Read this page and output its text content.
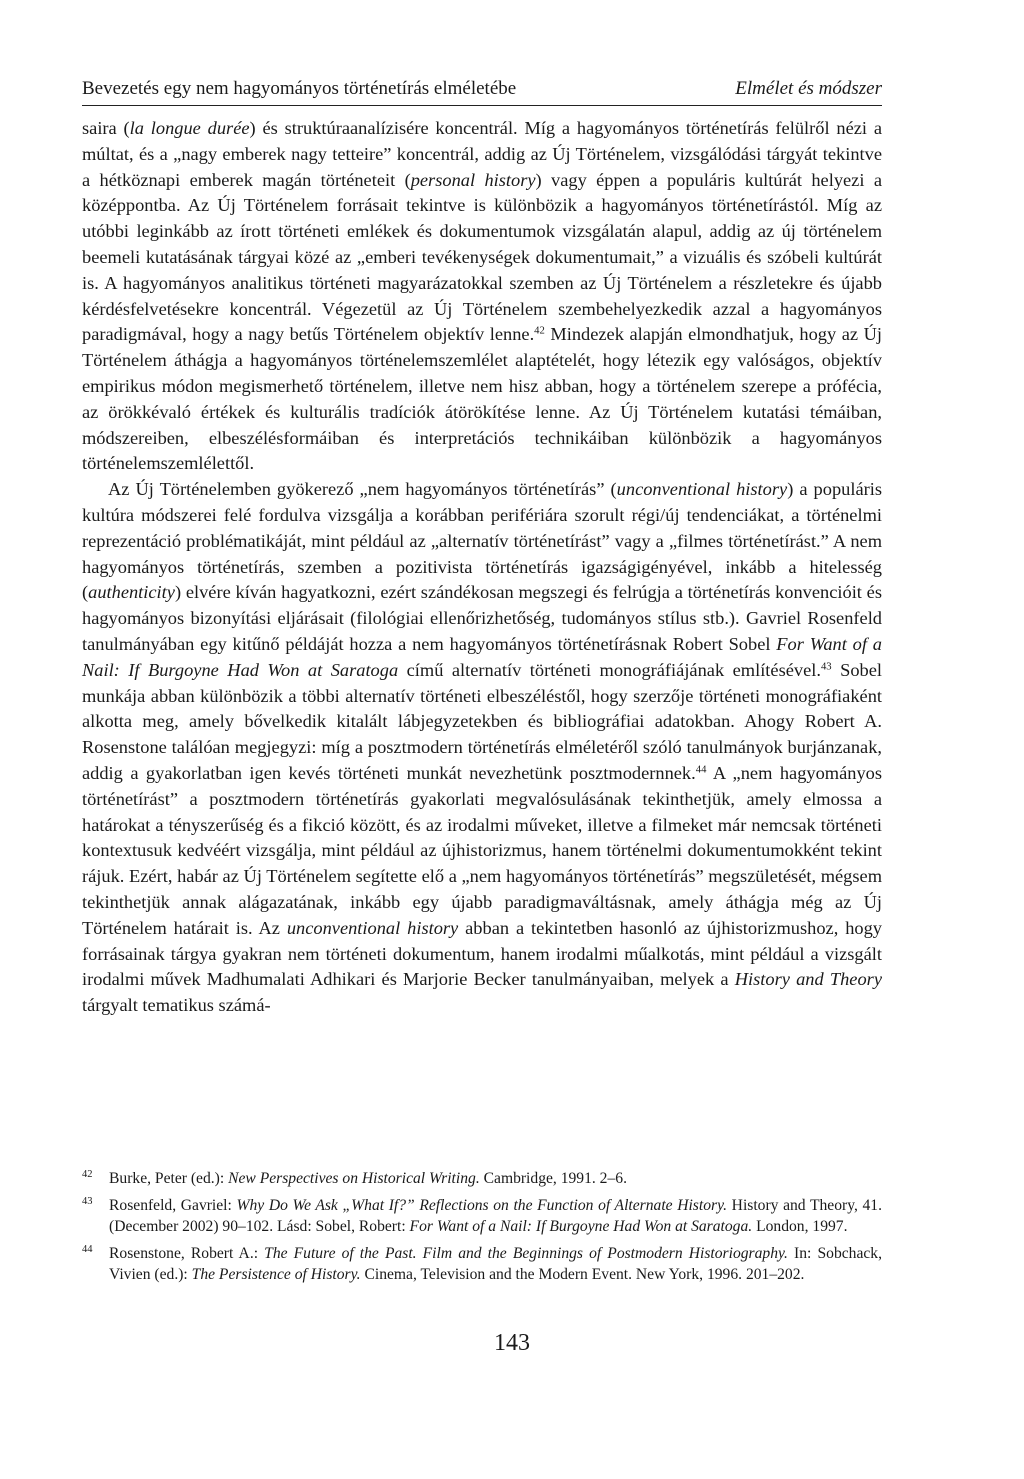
Bevezetés egy nem hagyományos történetírás elméletébe	Elmélet és módszer

saira (la longue durée) és struktúraanalízisére koncentrál. Míg a hagyományos történetírás felülről nézi a múltat, és a „nagy emberek nagy tetteire” koncentrál, addig az Új Történelem, vizsgálódási tárgyát tekintve a hétköznapi emberek magán történeteit (personal history) vagy éppen a populáris kultúrát helyezi a középpontba. Az Új Történelem forrásait tekintve is különbözik a hagyományos történetírástól. Míg az utóbbi leginkább az írott történeti emlékek és dokumentumok vizsgálatán alapul, addig az új történelem beemeli kutatásának tárgyai közé az „emberi tevékenységek dokumentumait,” a vizuális és szóbeli kultúrát is. A hagyományos analitikus történeti magyarázatokkal szemben az Új Történelem a részletekre és újabb kérdésfelvetésekre koncentrál. Végezetül az Új Történelem szembehelyezkedik azzal a hagyományos paradigmával, hogy a nagy betűs Történelem objektív lenne.$^{42}$ Mindezek alapján elmondhatjuk, hogy az Új Történelem áthágja a hagyományos történelemszemlélet alaptételét, hogy létezik egy valóságos, objektív empirikus módon megismerhető történelem, illetve nem hisz abban, hogy a történelem szerepe a prófécia, az örökkévaló értékek és kulturális tradíciók átörökítése lenne. Az Új Történelem kutatási témáiban, módszereiben, elbeszélésformáiban és interpretációs technikáiban különbözik a hagyományos történelemszemlélettől.

Az Új Történelemben gyökerező „nem hagyományos történetírás” (unconventional history) a populáris kultúra módszerei felé fordulva vizsgálja a korábban perifériára szorult régi/új tendenciákat, a történelmi reprezentáció problématikáját, mint például az „alternatív történetírást” vagy a „filmes történetírást.” A nem hagyományos történetírás, szemben a pozitivista történetírás igazságigényével, inkább a hitelesség (authenticity) elvére kíván hagyatkozni, ezért szándékosan megszegi és felrúgja a történetírás konvencióit és hagyományos bizonyítási eljárásait (filológiai ellenőrizhetőség, tudományos stílus stb.). Gavriel Rosenfeld tanulmányában egy kitűnő példáját hozza a nem hagyományos történetírásnak Robert Sobel For Want of a Nail: If Burgoyne Had Won at Saratoga című alternatív történeti monográfiájának említésével.$^{43}$ Sobel munkája abban különbözik a többi alternatív történeti elbeszéléstől, hogy szerzője történeti monográfiaként alkotta meg, amely bővelkedik kitalált lábjegyzetekben és bibliográfiai adatokban. Ahogy Robert A. Rosenstone találóan megjegyzi: míg a posztmodern történetírás elméletéről szóló tanulmányok burjánzanak, addig a gyakorlatban igen kevés történeti munkát nevezhetünk posztmodernnek.$^{44}$ A „nem hagyományos történetírást” a posztmodern történetírás gyakorlati megvalósulásának tekinthetjük, amely elmossa a határokat a tényszerűség és a fikció között, és az irodalmi műveket, illetve a filmeket már nemcsak történeti kontextusuk kedvéért vizsgálja, mint például az újhistorizmus, hanem történelmi dokumentumokként tekint rájuk. Ezért, habár az Új Történelem segítette elő a „nem hagyományos történetírás” megszületését, mégsem tekinthetjük annak alágazatának, inkább egy újabb paradigmaváltásnak, amely áthágja még az Új Történelem határait is. Az unconventional history abban a tekintetben hasonló az újhistorizmushoz, hogy forrásainak tárgya gyakran nem történeti dokumentum, hanem irodalmi műalkotás, mint például a vizsgált irodalmi művek Madhumalati Adhikari és Marjorie Becker tanulmányaiban, melyek a History and Theory tárgyalt tematikus számá-

42 Burke, Peter (ed.): New Perspectives on Historical Writing. Cambridge, 1991. 2–6.
43 Rosenfeld, Gavriel: Why Do We Ask „What If?” Reflections on the Function of Alternate History. History and Theory, 41. (December 2002) 90–102. Lásd: Sobel, Robert: For Want of a Nail: If Burgoyne Had Won at Saratoga. London, 1997.
44 Rosenstone, Robert A.: The Future of the Past. Film and the Beginnings of Postmodern Historiography. In: Sobchack, Vivien (ed.): The Persistence of History. Cinema, Television and the Modern Event. New York, 1996. 201–202.
143
